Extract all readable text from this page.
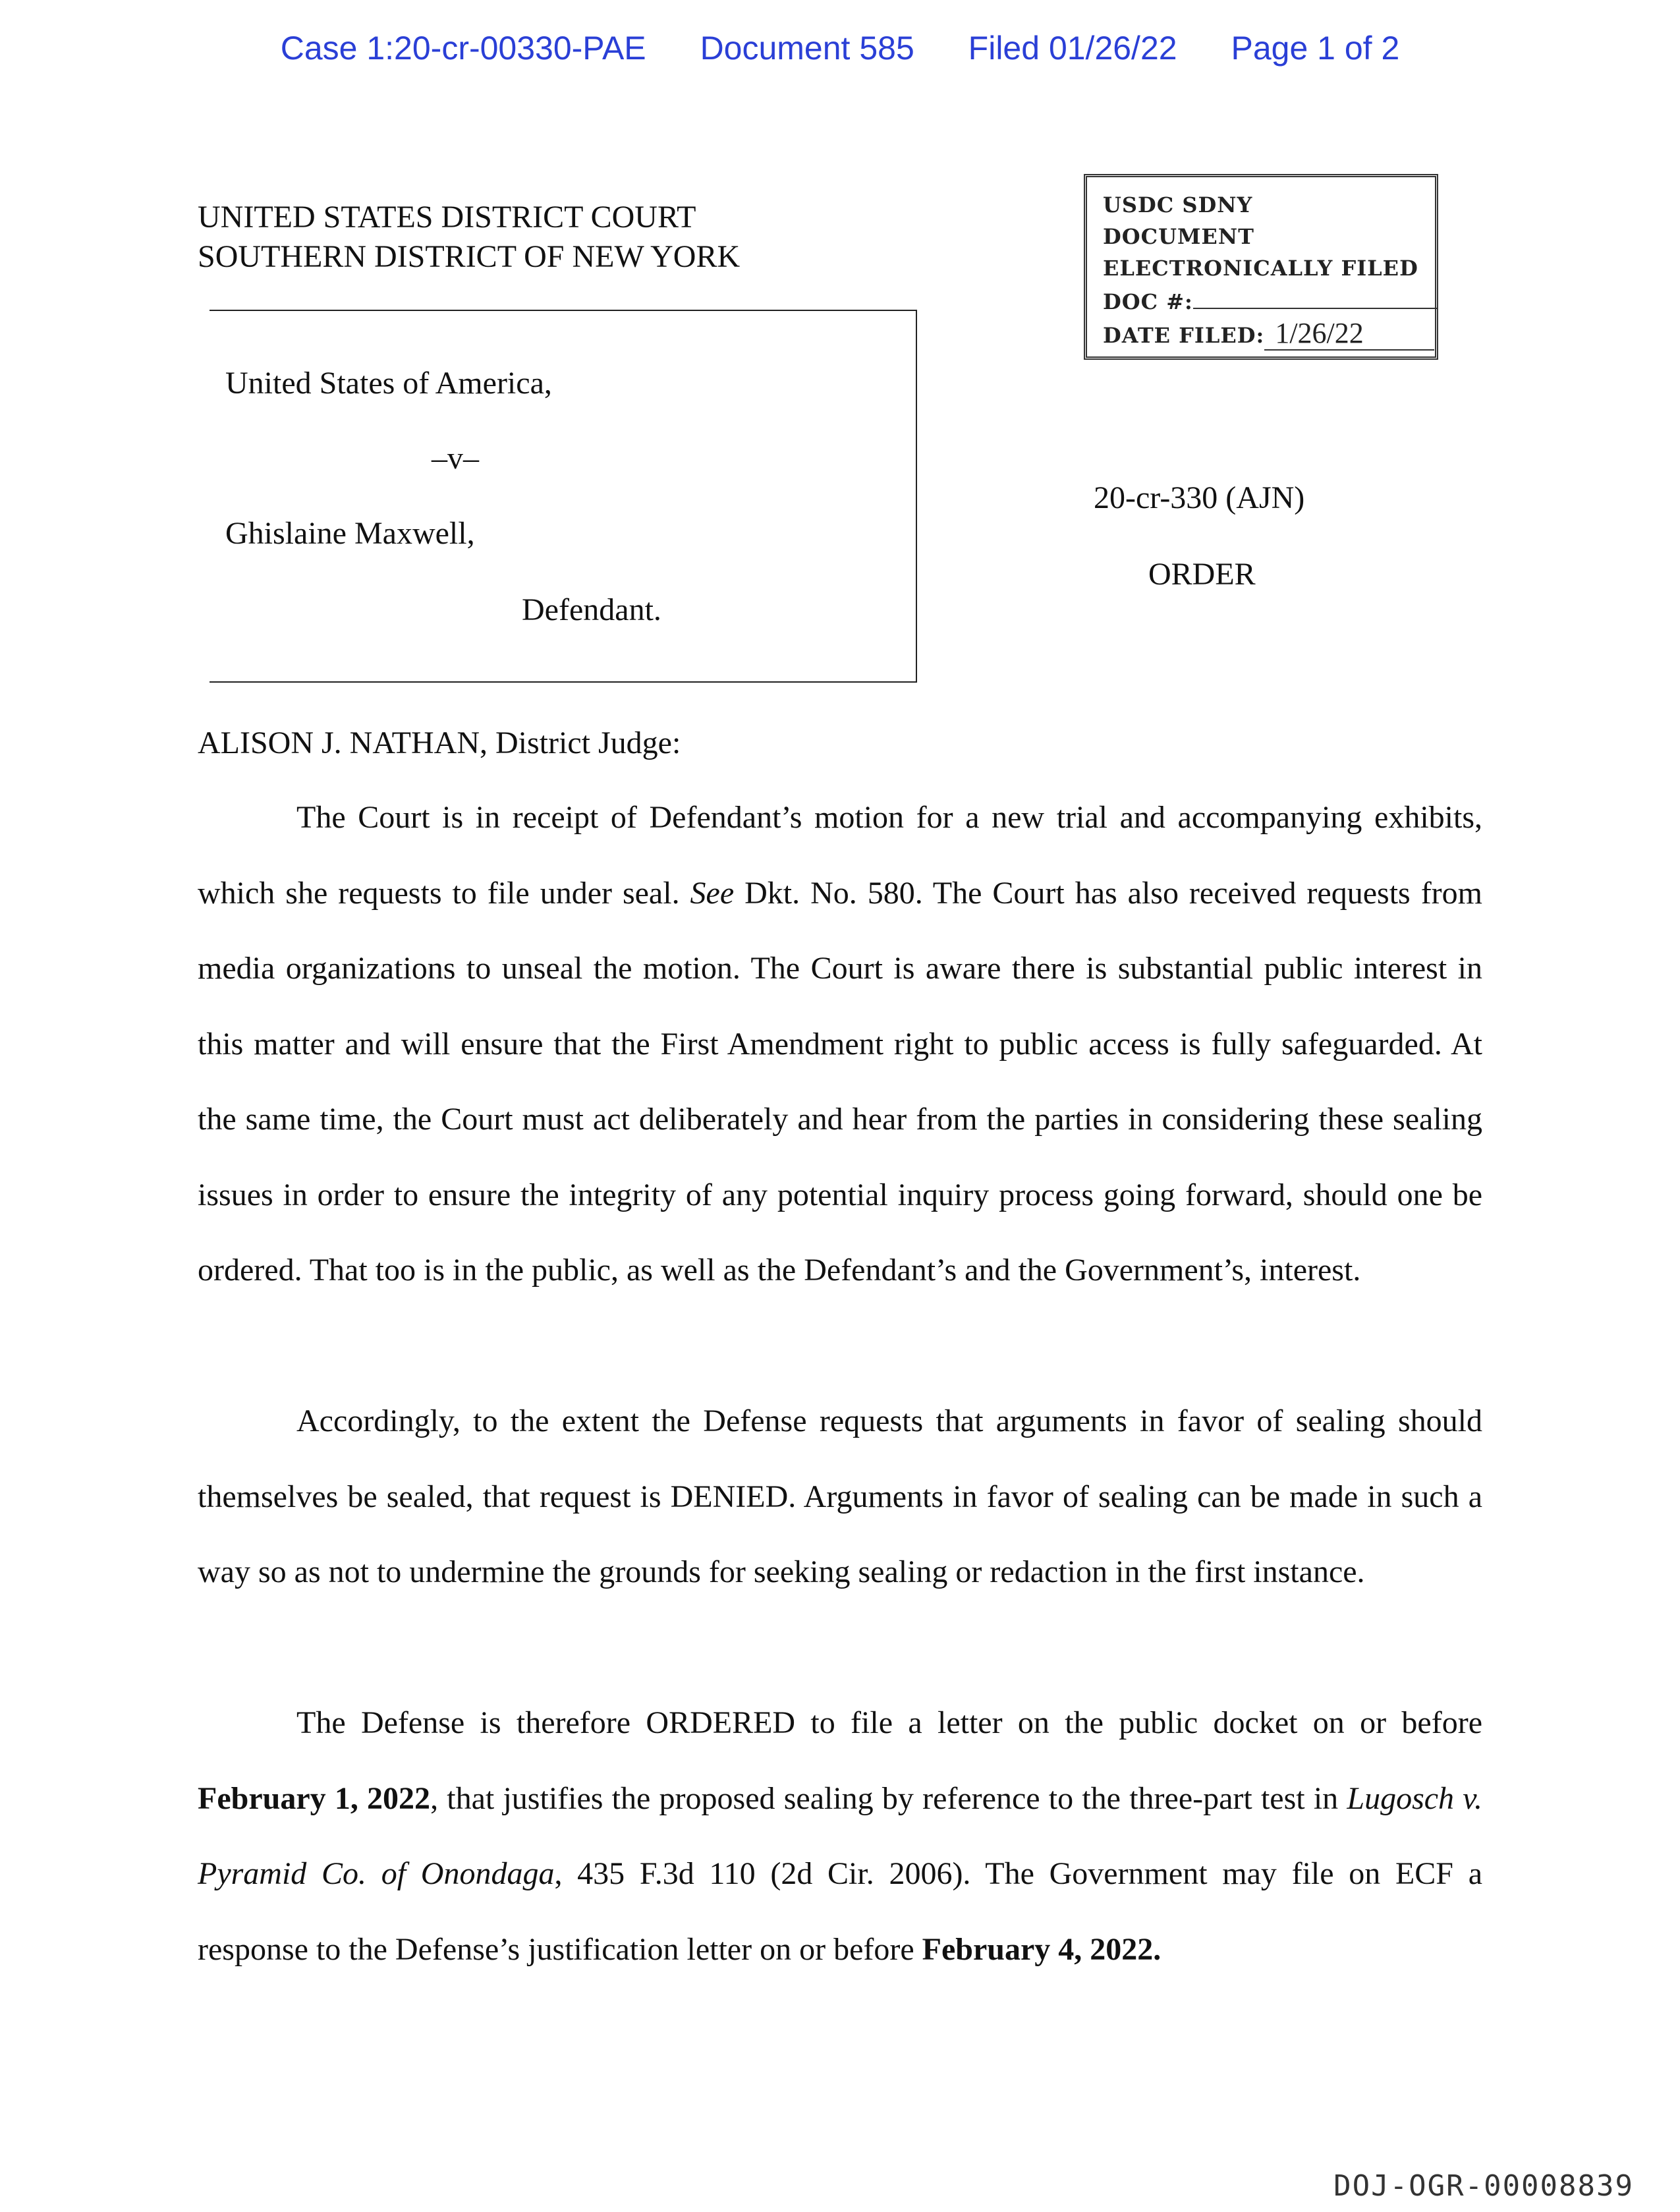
Case 1:20-cr-00330-PAE Document 585 Filed 01/26/22 Page 1 of 2
UNITED STATES DISTRICT COURT
SOUTHERN DISTRICT OF NEW YORK
USDC SDNY
DOCUMENT
ELECTRONICALLY FILED
DOC #:
DATE FILED: 1/26/22
United States of America,
–v–
Ghislaine Maxwell,
Defendant.
20-cr-330 (AJN)
ORDER
ALISON J. NATHAN, District Judge:

The Court is in receipt of Defendant’s motion for a new trial and accompanying exhibits, which she requests to file under seal. See Dkt. No. 580. The Court has also received requests from media organizations to unseal the motion. The Court is aware there is substantial public interest in this matter and will ensure that the First Amendment right to public access is fully safeguarded. At the same time, the Court must act deliberately and hear from the parties in considering these sealing issues in order to ensure the integrity of any potential inquiry process going forward, should one be ordered. That too is in the public, as well as the Defendant’s and the Government’s, interest.

Accordingly, to the extent the Defense requests that arguments in favor of sealing should themselves be sealed, that request is DENIED. Arguments in favor of sealing can be made in such a way so as not to undermine the grounds for seeking sealing or redaction in the first instance.

The Defense is therefore ORDERED to file a letter on the public docket on or before February 1, 2022, that justifies the proposed sealing by reference to the three-part test in Lugosch v. Pyramid Co. of Onondaga, 435 F.3d 110 (2d Cir. 2006). The Government may file on ECF a response to the Defense’s justification letter on or before February 4, 2022.

DOJ-OGR-00008839
